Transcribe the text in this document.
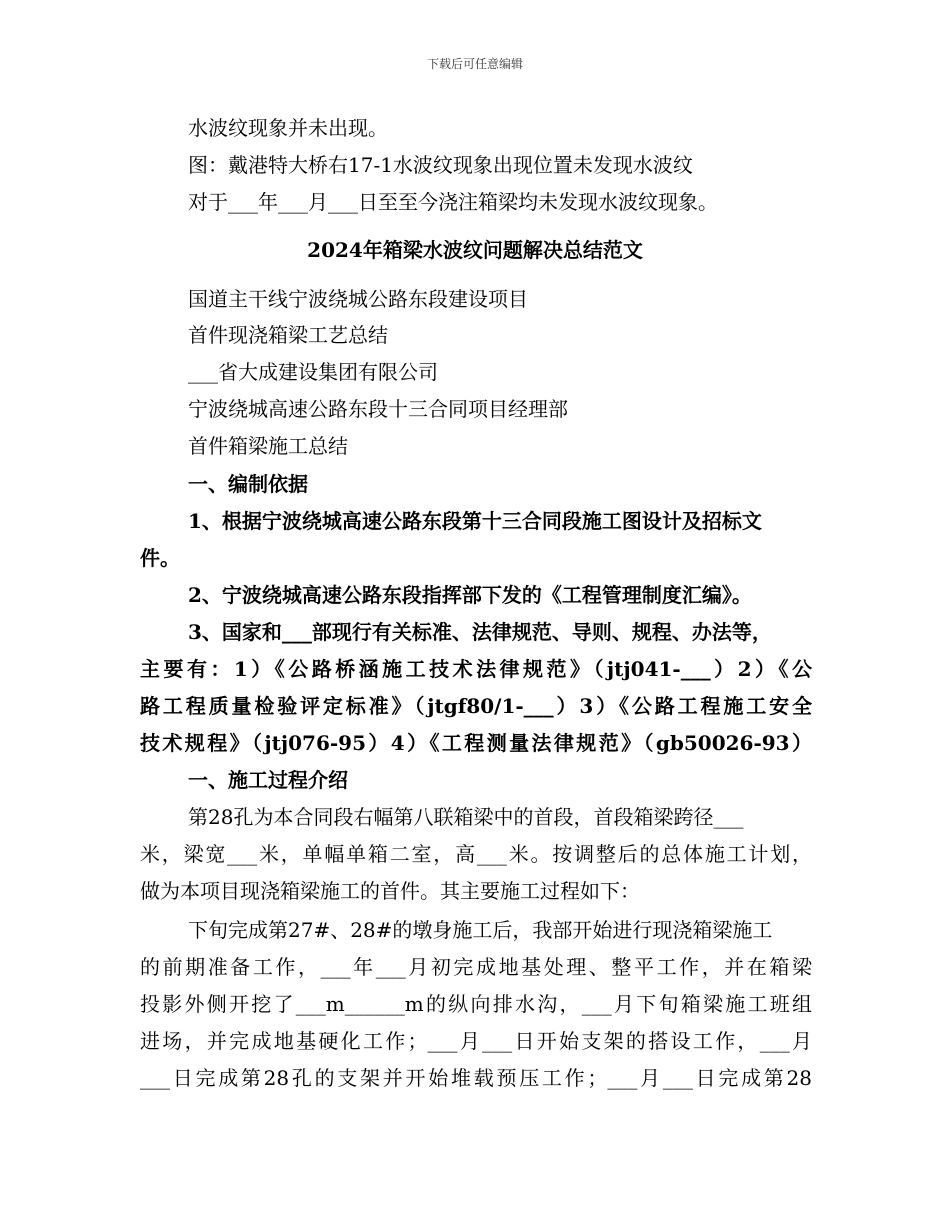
下载后可任意编辑
水波纹现象并未出现。
图：戴港特大桥右17-1水波纹现象出现位置未发现水波纹
对于___年___月___日至至今浇注箱梁均未发现水波纹现象。
2024年箱梁水波纹问题解决总结范文
国道主干线宁波绕城公路东段建设项目
首件现浇箱梁工艺总结
___省大成建设集团有限公司
宁波绕城高速公路东段十三合同项目经理部
首件箱梁施工总结
一、编制依据
1、根据宁波绕城高速公路东段第十三合同段施工图设计及招标文
件。
2、宁波绕城高速公路东段指挥部下发的《工程管理制度汇编》。
3、国家和___部现行有关标准、法律规范、导则、规程、办法等，
主要有：1）《公路桥涵施工技术法律规范》（jtj041-___）2）《公
路工程质量检验评定标准》（jtgf80/1-___）3）《公路工程施工安全
技术规程》（jtj076-95）4）《工程测量法律规范》（gb50026-93）
一、施工过程介绍
第28孔为本合同段右幅第八联箱梁中的首段，首段箱梁跨径___
米，梁宽___米，单幅单箱二室，高___米。按调整后的总体施工计划，
做为本项目现浇箱梁施工的首件。其主要施工过程如下：
下旬完成第27#、28#的墩身施工后，我部开始进行现浇箱梁施工
的前期准备工作，___年___月初完成地基处理、整平工作，并在箱梁
投影外侧开挖了___m______m的纵向排水沟，___月下旬箱梁施工班组
进场，并完成地基硬化工作；___月___日开始支架的搭设工作，___月
___日完成第28孔的支架并开始堆载预压工作；___月___日完成第28
